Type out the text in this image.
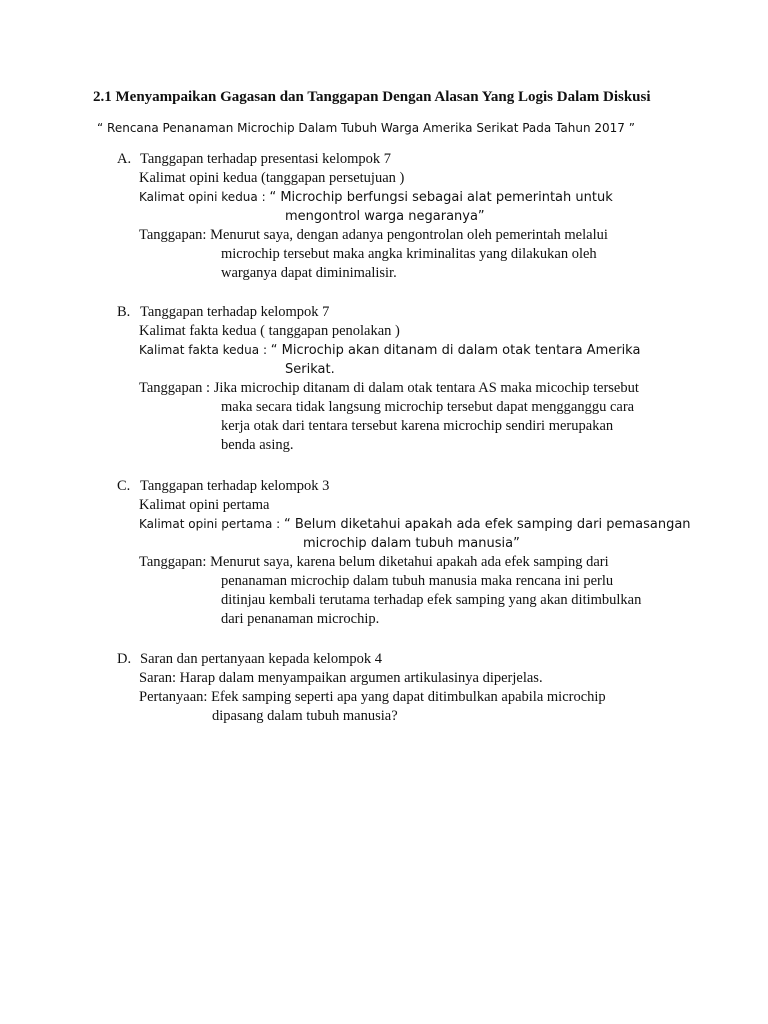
2.1 Menyampaikan Gagasan dan Tanggapan Dengan Alasan Yang Logis Dalam Diskusi
“ Rencana Penanaman Microchip Dalam Tubuh Warga Amerika Serikat Pada Tahun 2017 ”
A. Tanggapan terhadap presentasi kelompok 7
Kalimat opini kedua (tanggapan persetujuan )
Kalimat opini kedua : “ Microchip berfungsi sebagai alat pemerintah untuk
mengontrol warga negaranya”
Tanggapan: Menurut saya, dengan adanya pengontrolan oleh pemerintah melalui
microchip tersebut maka angka kriminalitas yang dilakukan oleh
warganya dapat diminimalisir.
B. Tanggapan terhadap kelompok 7
Kalimat fakta kedua ( tanggapan penolakan )
Kalimat fakta kedua : “ Microchip akan ditanam di dalam otak tentara Amerika
Serikat.
Tanggapan : Jika microchip ditanam di dalam otak tentara AS maka micochip tersebut
maka secara tidak langsung microchip tersebut dapat mengganggu cara
kerja otak dari tentara tersebut karena microchip sendiri merupakan
benda asing.
C. Tanggapan terhadap kelompok 3
Kalimat opini pertama
Kalimat opini pertama : “ Belum diketahui apakah ada efek samping dari pemasangan
microchip dalam tubuh manusia”
Tanggapan: Menurut saya, karena belum diketahui apakah ada efek samping dari
penanaman microchip dalam tubuh manusia maka rencana ini perlu
ditinjau kembali terutama terhadap efek samping yang akan ditimbulkan
dari penanaman microchip.
D. Saran dan pertanyaan kepada kelompok 4
Saran: Harap dalam menyampaikan argumen artikulasinya diperjelas.
Pertanyaan: Efek samping seperti apa yang dapat ditimbulkan apabila microchip
dipasang dalam tubuh manusia?
